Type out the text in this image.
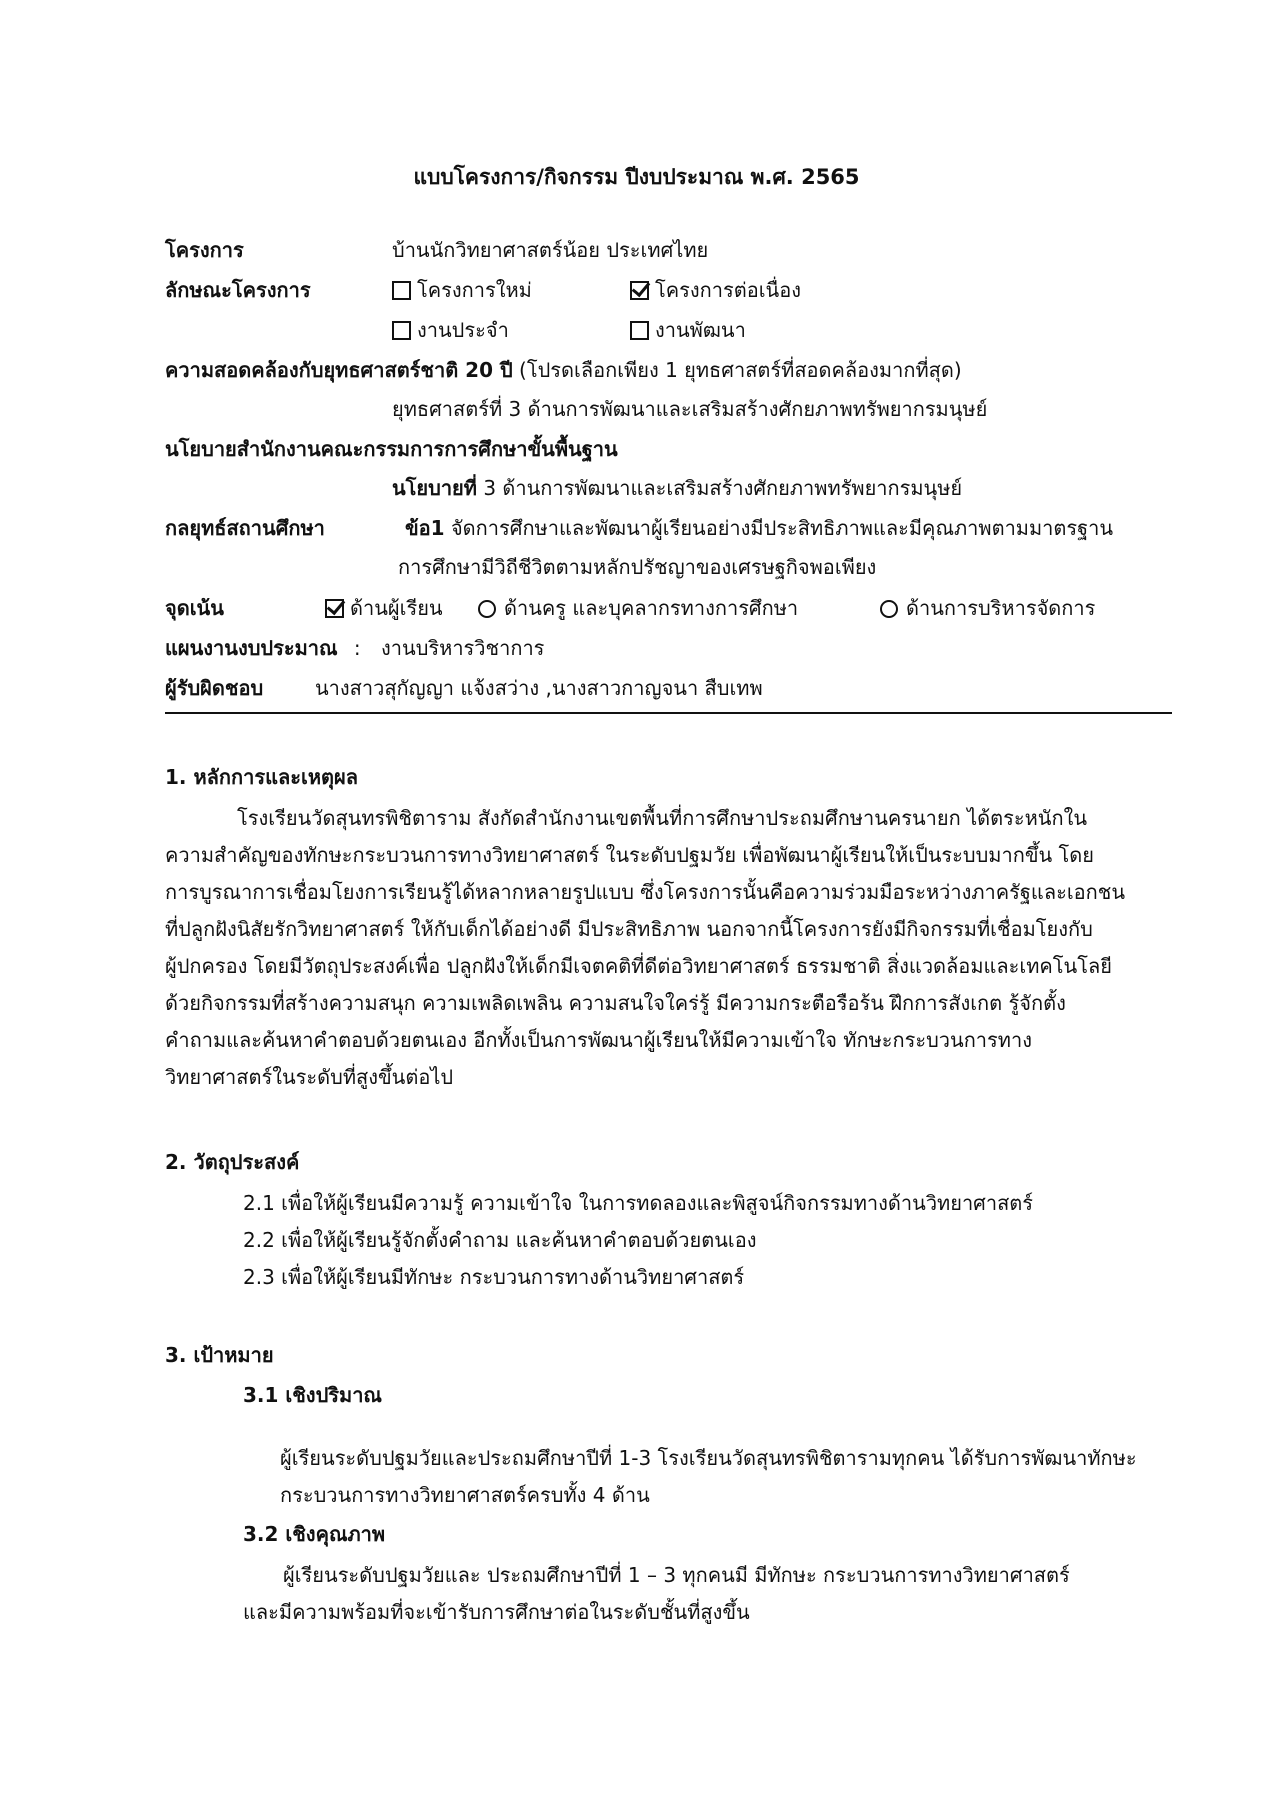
แบบโครงการ/กิจกรรม ปีงบประมาณ พ.ศ. 2565
โครงการ	บ้านนักวิทยาศาสตร์น้อย ประเทศไทย
ลักษณะโครงการ	โครงการใหม่	โครงการต่อเนื่อง
งานประจำ	งานพัฒนา
ความสอดคล้องกับยุทธศาสตร์ชาติ 20 ปี (โปรดเลือกเพียง 1 ยุทธศาสตร์ที่สอดคล้องมากที่สุด)
ยุทธศาสตร์ที่ 3 ด้านการพัฒนาและเสริมสร้างศักยภาพทรัพยากรมนุษย์
นโยบายสำนักงานคณะกรรมการการศึกษาขั้นพื้นฐาน
นโยบายที่ 3 ด้านการพัฒนาและเสริมสร้างศักยภาพทรัพยากรมนุษย์
กลยุทธ์สถานศึกษา	ข้อ1 จัดการศึกษาและพัฒนาผู้เรียนอย่างมีประสิทธิภาพและมีคุณภาพตามมาตรฐาน
การศึกษามีวิถีชีวิตตามหลักปรัชญาของเศรษฐกิจพอเพียง
จุดเน้น	ด้านผู้เรียน	ด้านครู และบุคลากรทางการศึกษา	ด้านการบริหารจัดการ
แผนงานงบประมาณ : งานบริหารวิชาการ
ผู้รับผิดชอบ	นางสาวสุกัญญา แจ้งสว่าง ,นางสาวกาญจนา สืบเทพ
1. หลักการและเหตุผล

โรงเรียนวัดสุนทรพิชิตาราม สังกัดสำนักงานเขตพื้นที่การศึกษาประถมศึกษานครนายก ได้ตระหนักใน

ความสำคัญของทักษะกระบวนการทางวิทยาศาสตร์ ในระดับปฐมวัย เพื่อพัฒนาผู้เรียนให้เป็นระบบมากขึ้น โดย

การบูรณาการเชื่อมโยงการเรียนรู้ได้หลากหลายรูปแบบ ซึ่งโครงการนั้นคือความร่วมมือระหว่างภาครัฐและเอกชน

ที่ปลูกฝังนิสัยรักวิทยาศาสตร์ ให้กับเด็กได้อย่างดี มีประสิทธิภาพ นอกจากนี้โครงการยังมีกิจกรรมที่เชื่อมโยงกับ

ผู้ปกครอง โดยมีวัตถุประสงค์เพื่อ ปลูกฝังให้เด็กมีเจตคติที่ดีต่อวิทยาศาสตร์ ธรรมชาติ สิ่งแวดล้อมและเทคโนโลยี

ด้วยกิจกรรมที่สร้างความสนุก ความเพลิดเพลิน ความสนใจใคร่รู้ มีความกระตือรือร้น ฝึกการสังเกต รู้จักตั้ง

คำถามและค้นหาคำตอบด้วยตนเอง อีกทั้งเป็นการพัฒนาผู้เรียนให้มีความเข้าใจ ทักษะกระบวนการทาง

วิทยาศาสตร์ในระดับที่สูงขึ้นต่อไป

2. วัตถุประสงค์

2.1 เพื่อให้ผู้เรียนมีความรู้ ความเข้าใจ ในการทดลองและพิสูจน์กิจกรรมทางด้านวิทยาศาสตร์

2.2 เพื่อให้ผู้เรียนรู้จักตั้งคำถาม และค้นหาคำตอบด้วยตนเอง

2.3 เพื่อให้ผู้เรียนมีทักษะ กระบวนการทางด้านวิทยาศาสตร์

3. เป้าหมาย
3.1 เชิงปริมาณ

ผู้เรียนระดับปฐมวัยและประถมศึกษาปีที่ 1-3 โรงเรียนวัดสุนทรพิชิตารามทุกคน ได้รับการพัฒนาทักษะ

กระบวนการทางวิทยาศาสตร์ครบทั้ง 4 ด้าน

3.2 เชิงคุณภาพ

ผู้เรียนระดับปฐมวัยและ ประถมศึกษาปีที่ 1 – 3 ทุกคนมี มีทักษะ กระบวนการทางวิทยาศาสตร์

และมีความพร้อมที่จะเข้ารับการศึกษาต่อในระดับชั้นที่สูงขึ้น
